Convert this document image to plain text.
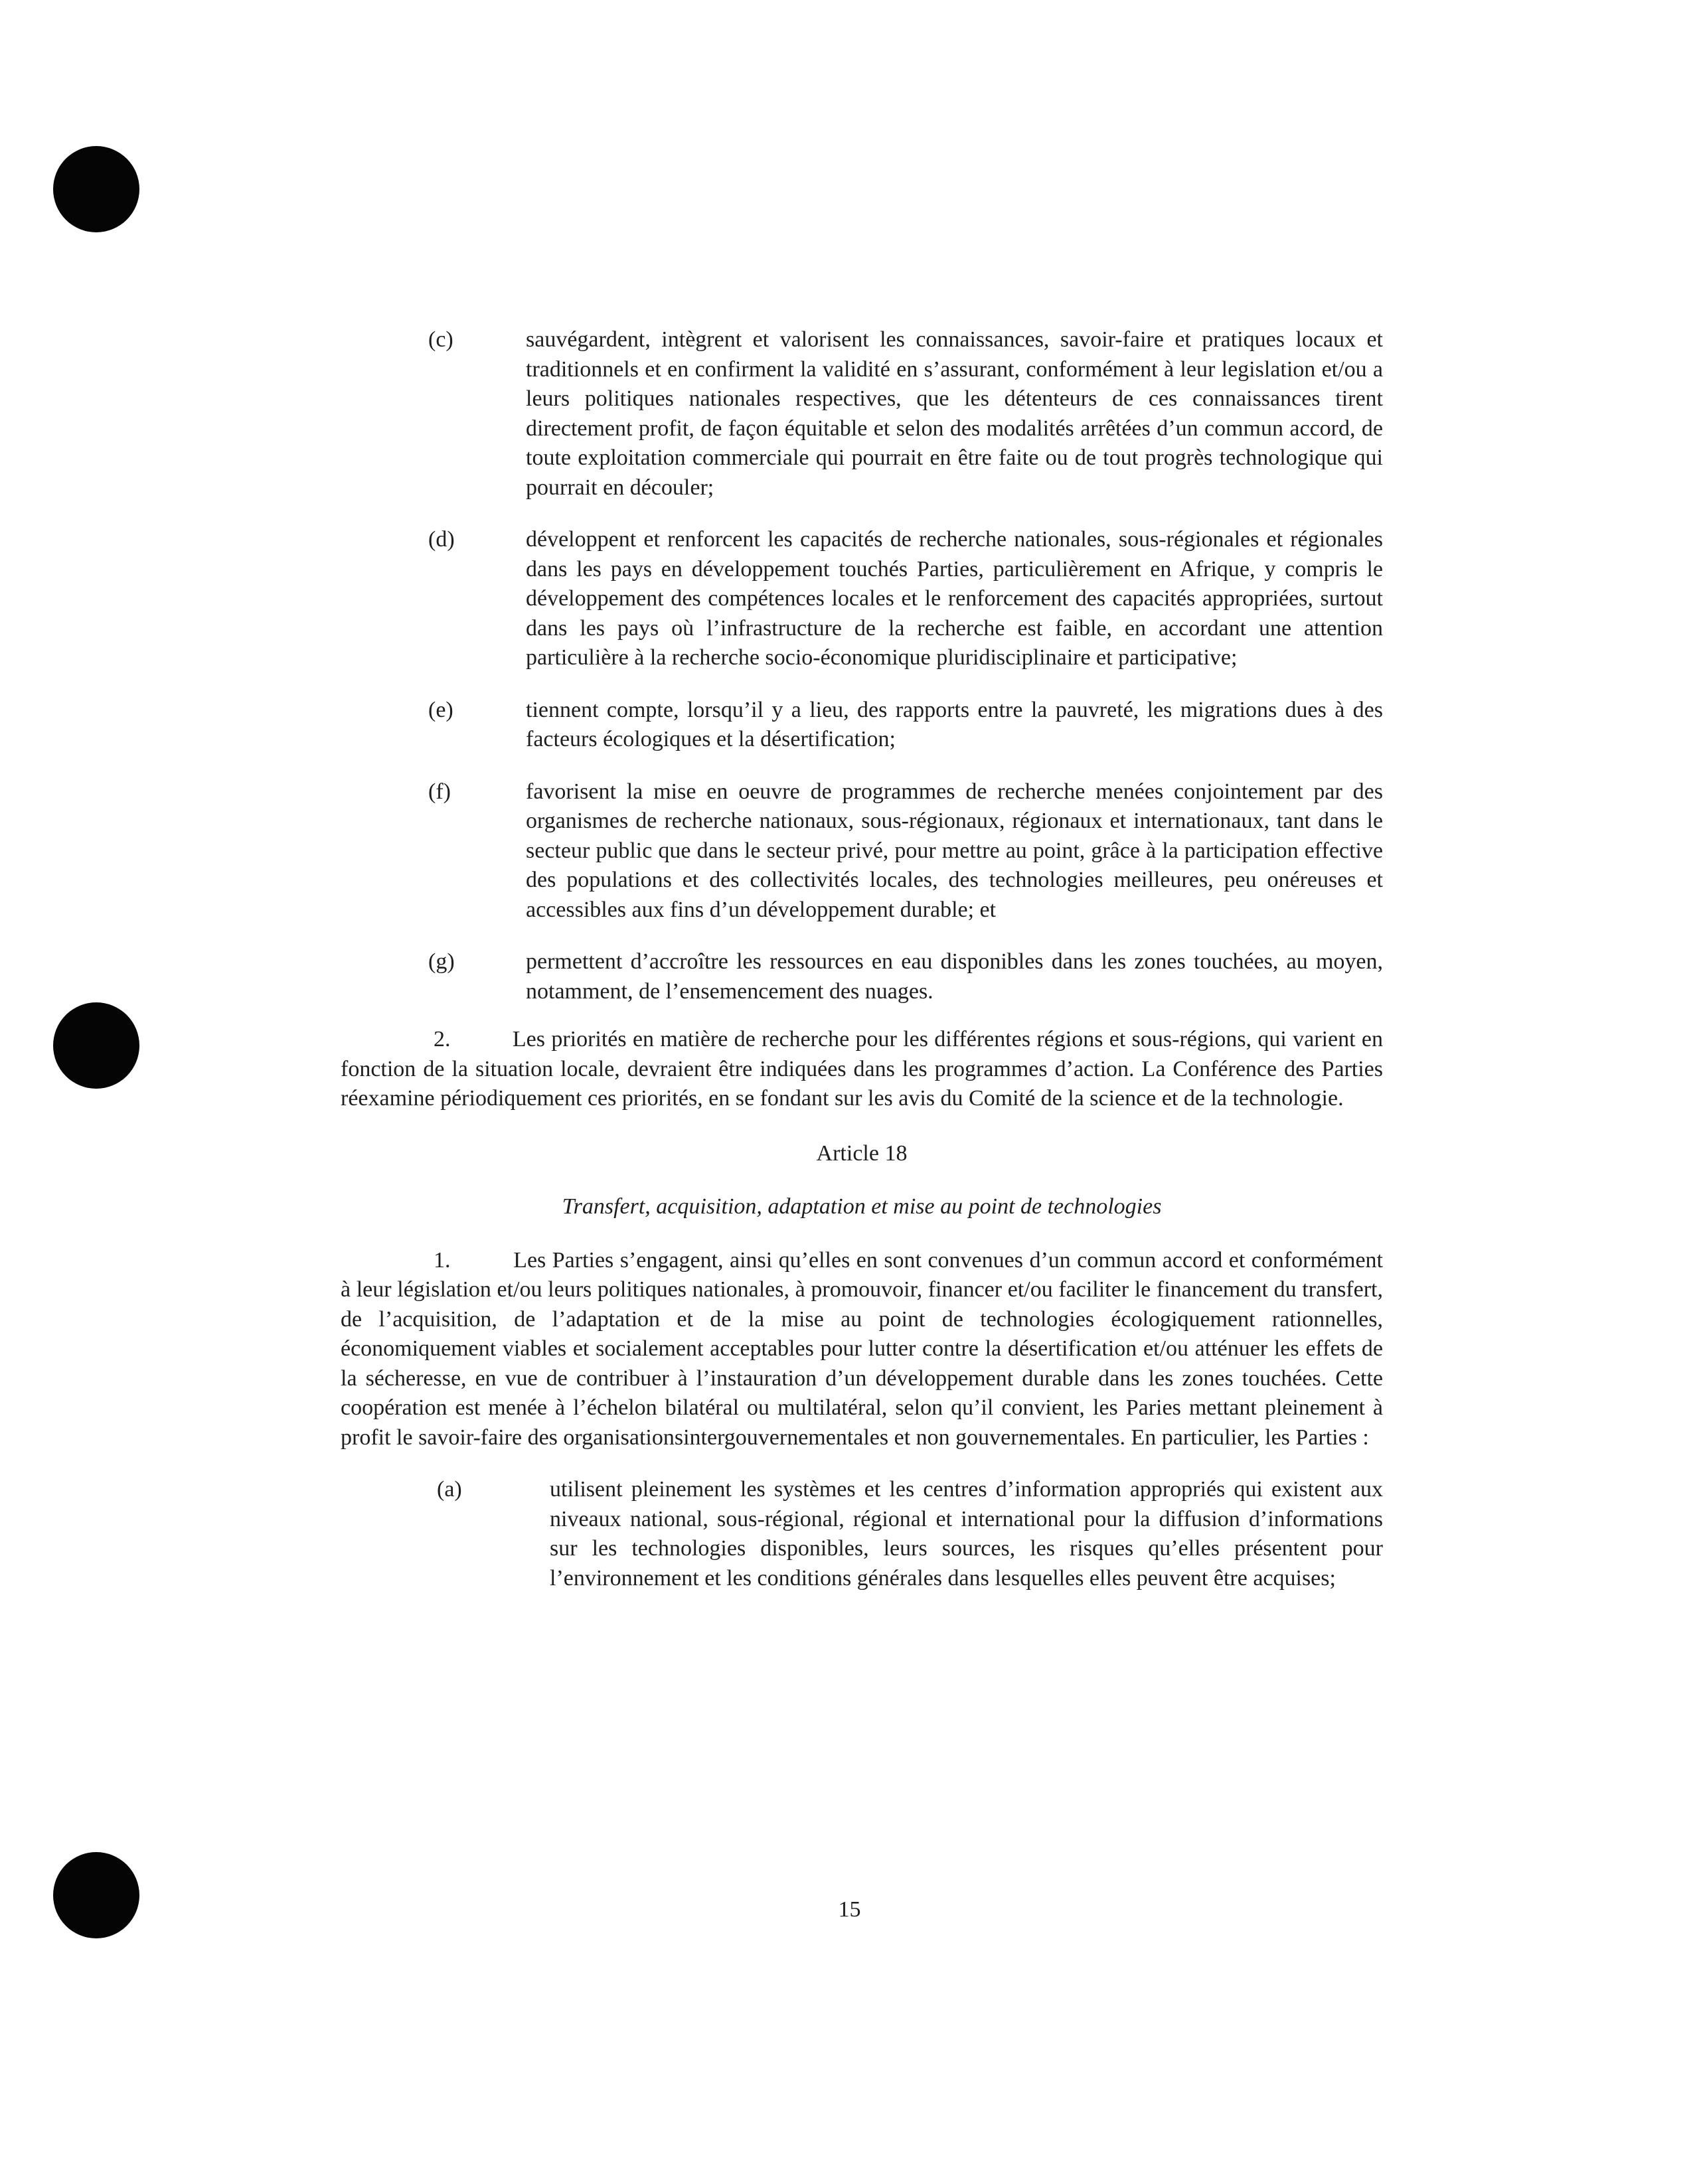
(c)	sauvégardent, intègrent et valorisent les connaissances, savoir-faire et pratiques locaux et traditionnels et en confirment la validité en s’assurant, conformément à leur legislation et/ou a leurs politiques nationales respectives, que les détenteurs de ces connaissances tirent directement profit, de façon équitable et selon des modalités arrêtées d’un commun accord, de toute exploitation commerciale qui pourrait en être faite ou de tout progrès technologique qui pourrait en découler;
(d)	développent et renforcent les capacités de recherche nationales, sous-régionales et régionales dans les pays en développement touchés Parties, particulièrement en Afrique, y compris le développement des compétences locales et le renforcement des capacités appropriées, surtout dans les pays où l’infrastructure de la recherche est faible, en accordant une attention particulière à la recherche socio-économique pluridisciplinaire et participative;
(e)	tiennent compte, lorsqu’il y a lieu, des rapports entre la pauvreté, les migrations dues à des facteurs écologiques et la désertification;
(f)	favorisent la mise en oeuvre de programmes de recherche menées conjointement par des organismes de recherche nationaux, sous-régionaux, régionaux et internationaux, tant dans le secteur public que dans le secteur privé, pour mettre au point, grâce à la participation effective des populations et des collectivités locales, des technologies meilleures, peu onéreuses et accessibles aux fins d’un développement durable; et
(g)	permettent d’accroître les ressources en eau disponibles dans les zones touchées, au moyen, notamment, de l’ensemencement des nuages.
2.	Les priorités en matière de recherche pour les différentes régions et sous-régions, qui varient en fonction de la situation locale, devraient être indiquées dans les programmes d’action. La Conférence des Parties réexamine périodiquement ces priorités, en se fondant sur les avis du Comité de la science et de la technologie.
Article 18
Transfert, acquisition, adaptation et mise au point de technologies
1.	Les Parties s’engagent, ainsi qu’elles en sont convenues d’un commun accord et conformément à leur législation et/ou leurs politiques nationales, à promouvoir, financer et/ou faciliter le financement du transfert, de l’acquisition, de l’adaptation et de la mise au point de technologies écologiquement rationnelles, économiquement viables et socialement acceptables pour lutter contre la désertification et/ou atténuer les effets de la sécheresse, en vue de contribuer à l’instauration d’un développement durable dans les zones touchées. Cette coopération est menée à l’échelon bilatéral ou multilatéral, selon qu’il convient, les Paries mettant pleinement à profit le savoir-faire des organisationsintergouvernementales et non gouvernementales. En particulier, les Parties :
(a)	utilisent pleinement les systèmes et les centres d’information appropriés qui existent aux niveaux national, sous-régional, régional et international pour la diffusion d’informations sur les technologies disponibles, leurs sources, les risques qu’elles présentent pour l’environnement et les conditions générales dans lesquelles elles peuvent être acquises;
15
